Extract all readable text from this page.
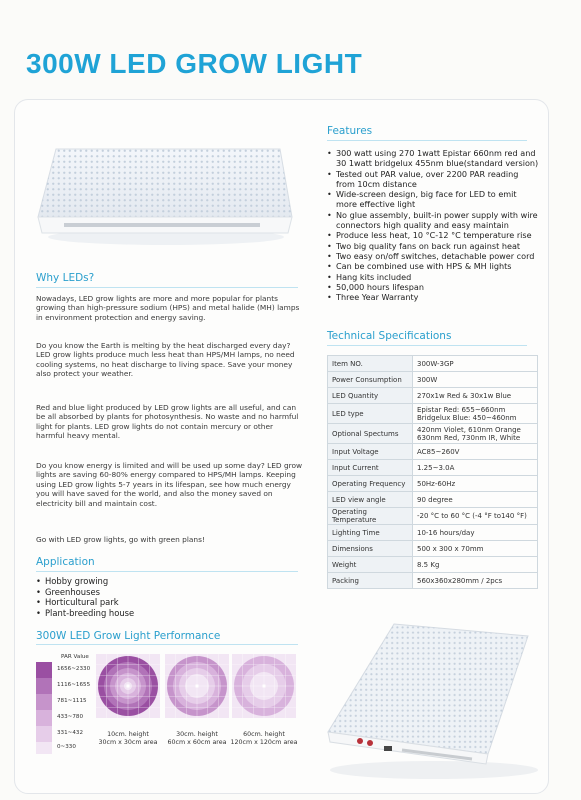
300W LED GROW LIGHT
Why LEDs?
Nowadays, LED grow lights are more and more popular for plants growing than high-pressure sodium (HPS) and metal halide (MH) lamps in environment protection and energy saving.
Do you know the Earth is melting by the heat discharged every day? LED grow lights produce much less heat than HPS/MH lamps, no need cooling systems, no heat discharge to living space. Save your money also protect your weather.
Red and blue light produced by LED grow lights are all useful, and can be all absorbed by plants for photosynthesis. No waste and no harmful light for plants. LED grow lights do not contain mercury or other harmful heavy mental.
Do you know energy is limited and will be used up some day? LED grow lights are saving 60-80% energy compared to HPS/MH lamps. Keeping using LED grow lights 5-7 years in its lifespan, see how much energy you will have saved for the world, and also the money saved on electricity bill and maintain cost.
Go with LED grow lights, go with green plans!
Application
• Hobby growing
• Greenhouses
• Horticultural park
• Plant-breeding house
300W LED Grow Light Performance
PAR Value
1656~2330
1116~1655
781~1115
433~780
331~432
0~330
10cm. height
30cm x 30cm area
30cm. height
60cm x 60cm area
60cm. height
120cm x 120cm area
Features
• 300 watt using 270 1watt Epistar 660nm red and 30 1watt bridgelux 455nm blue(standard version)
• Tested out PAR value, over 2200 PAR reading from 10cm distance
• Wide-screen design, big face for LED to emit more effective light
• No glue assembly, built-in power supply with wire connectors high quality and easy maintain
• Produce less heat, 10 °C-12 °C temperature rise
• Two big quality fans on back run against heat
• Two easy on/off switches, detachable power cord
• Can be combined use with HPS & MH lights
• Hang kits included
• 50,000 hours lifespan
• Three Year Warranty
Technical Specifications
Item NO.	300W-3GP
Power Consumption	300W
LED Quantity	270x1w Red & 30x1w Blue
LED type	Epistar Red: 655~660nm
Bridgelux Blue: 450~460nm
Optional Spectums	420nm Violet, 610nm Orange
630nm Red, 730nm IR, White
Input Voltage	AC85~260V
Input Current	1.25~3.0A
Operating Frequency	50Hz-60Hz
LED view angle	90 degree
Operating Temperature	-20 °C to 60 °C (-4 °F to140 °F)
Lighting Time	10-16 hours/day
Dimensions	500 x 300 x 70mm
Weight	8.5 Kg
Packing	560x360x280mm / 2pcs
